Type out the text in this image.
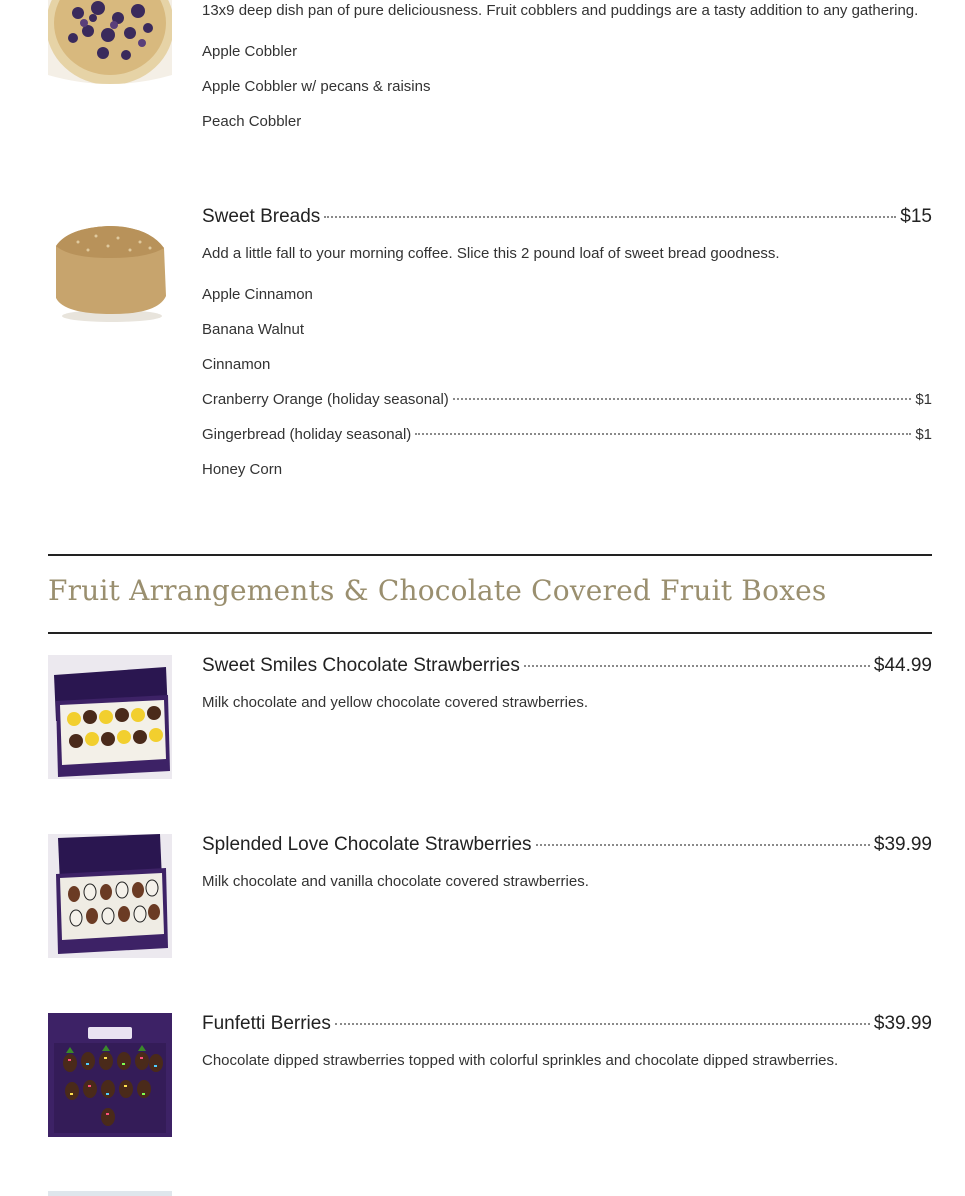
13x9 deep dish pan of pure deliciousness. Fruit cobblers and puddings are a tasty addition to any gathering.
Apple Cobbler
Apple Cobbler w/ pecans & raisins
Peach Cobbler
Sweet Breads	$15
Add a little fall to your morning coffee. Slice this 2 pound loaf of sweet bread goodness.
Apple Cinnamon
Banana Walnut
Cinnamon
Cranberry Orange (holiday seasonal)	$1
Gingerbread (holiday seasonal)	$1
Honey Corn
Fruit Arrangements & Chocolate Covered Fruit Boxes
Sweet Smiles Chocolate Strawberries	$44.99
Milk chocolate and yellow chocolate covered strawberries.
Splended Love Chocolate Strawberries	$39.99
Milk chocolate and vanilla chocolate covered strawberries.
Funfetti Berries	$39.99
Chocolate dipped strawberries topped with colorful sprinkles and chocolate dipped strawberries.
